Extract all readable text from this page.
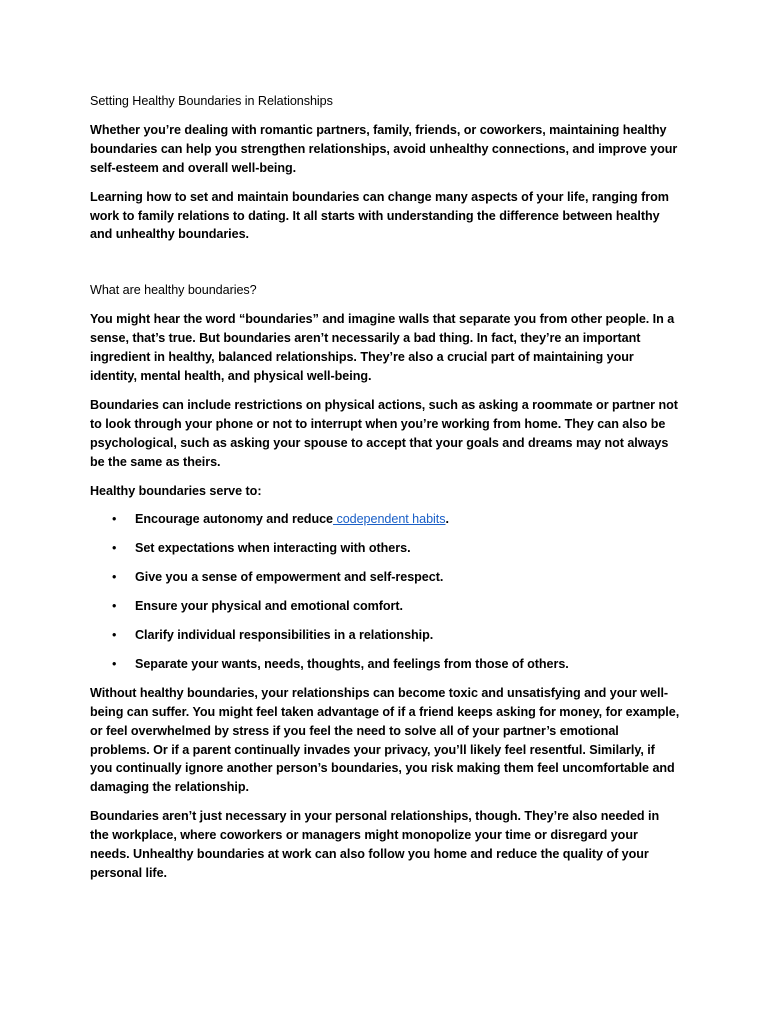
Setting Healthy Boundaries in Relationships

Whether you’re dealing with romantic partners, family, friends, or coworkers, maintaining healthy boundaries can help you strengthen relationships, avoid unhealthy connections, and improve your self-esteem and overall well-being.

Learning how to set and maintain boundaries can change many aspects of your life, ranging from work to family relations to dating. It all starts with understanding the difference between healthy and unhealthy boundaries.

What are healthy boundaries?

You might hear the word “boundaries” and imagine walls that separate you from other people. In a sense, that’s true. But boundaries aren’t necessarily a bad thing. In fact, they’re an important ingredient in healthy, balanced relationships. They’re also a crucial part of maintaining your identity, mental health, and physical well-being.

Boundaries can include restrictions on physical actions, such as asking a roommate or partner not to look through your phone or not to interrupt when you’re working from home. They can also be psychological, such as asking your spouse to accept that your goals and dreams may not always be the same as theirs.

Healthy boundaries serve to:

• Encourage autonomy and reduce codependent habits.
• Set expectations when interacting with others.
• Give you a sense of empowerment and self-respect.
• Ensure your physical and emotional comfort.
• Clarify individual responsibilities in a relationship.
• Separate your wants, needs, thoughts, and feelings from those of others.

Without healthy boundaries, your relationships can become toxic and unsatisfying and your well-being can suffer. You might feel taken advantage of if a friend keeps asking for money, for example, or feel overwhelmed by stress if you feel the need to solve all of your partner’s emotional problems. Or if a parent continually invades your privacy, you’ll likely feel resentful. Similarly, if you continually ignore another person’s boundaries, you risk making them feel uncomfortable and damaging the relationship.

Boundaries aren’t just necessary in your personal relationships, though. They’re also needed in the workplace, where coworkers or managers might monopolize your time or disregard your needs. Unhealthy boundaries at work can also follow you home and reduce the quality of your personal life.
